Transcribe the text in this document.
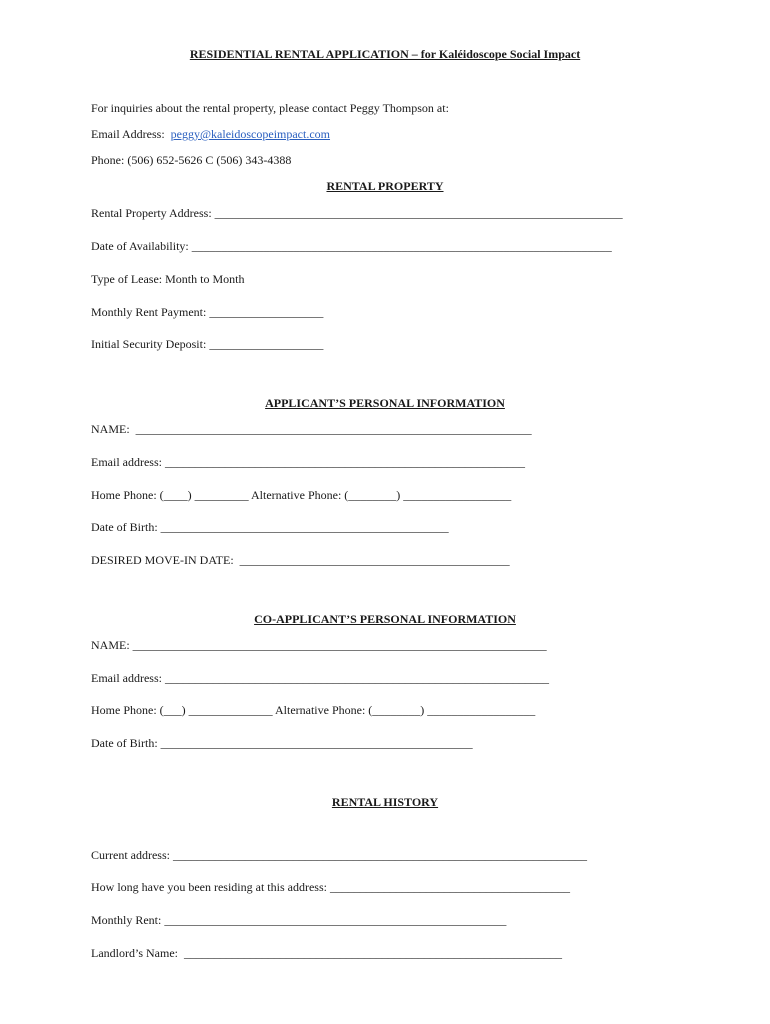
RESIDENTIAL RENTAL APPLICATION – for Kaléidoscope Social Impact
For inquiries about the rental property, please contact Peggy Thompson at:
Email Address:  peggy@kaleidoscopeimpact.com
Phone: (506) 652-5626 C (506) 343-4388
RENTAL PROPERTY
Rental Property Address: ____________________________________________________________________
Date of Availability: ______________________________________________________________________
Type of Lease: Month to Month
Monthly Rent Payment: ___________________
Initial Security Deposit: ___________________
APPLICANT’S PERSONAL INFORMATION
NAME:  __________________________________________________________________
Email address: ____________________________________________________________
Home Phone: (____) _________ Alternative Phone: (________) __________________
Date of Birth: ________________________________________________
DESIRED MOVE-IN DATE:  _____________________________________________
CO-APPLICANT’S PERSONAL INFORMATION
NAME: _____________________________________________________________________
Email address: ________________________________________________________________
Home Phone: (___) ______________ Alternative Phone: (________) __________________
Date of Birth: ____________________________________________________
RENTAL HISTORY
Current address: _____________________________________________________________________
How long have you been residing at this address: ________________________________________
Monthly Rent: _________________________________________________________
Landlord’s Name:  _______________________________________________________________
